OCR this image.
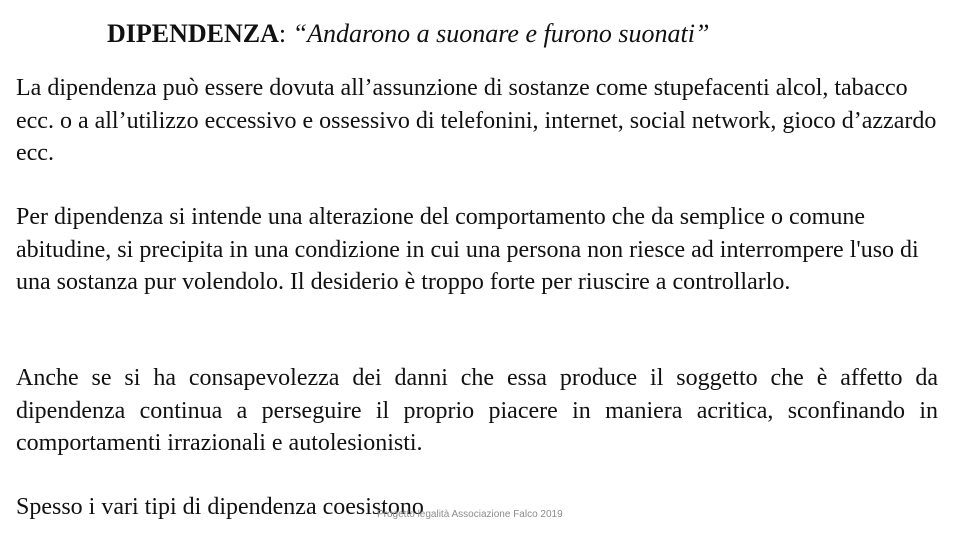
DIPENDENZA: “Andarono a suonare e furono suonati”

La dipendenza può essere dovuta all’assunzione di sostanze come stupefacenti alcol, tabacco ecc. o a all’utilizzo eccessivo e ossessivo di telefonini, internet, social network, gioco d’azzardo ecc.

Per dipendenza si intende una alterazione del comportamento che da semplice o comune abitudine, si precipita in una condizione in cui una persona non riesce ad interrompere l'uso di una sostanza pur volendolo. Il desiderio è troppo forte per riuscire a controllarlo.

Anche se si ha consapevolezza dei danni che essa produce il soggetto che è affetto da dipendenza continua a perseguire il proprio piacere in maniera acritica, sconfinando in comportamenti irrazionali e autolesionisti.

Spesso i vari tipi di dipendenza coesistono

Progetto legalità Associazione Falco 2019
